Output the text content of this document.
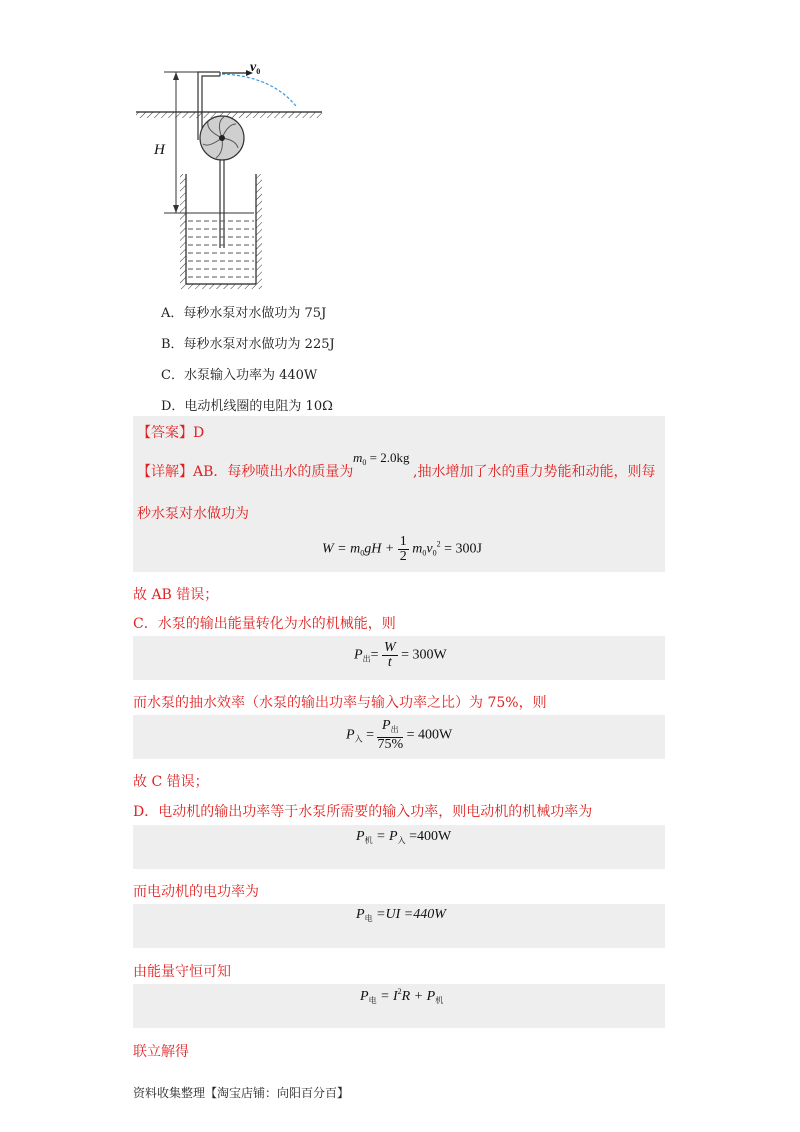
$v_0$
H
A．每秒水泵对水做功为 75J
B．每秒水泵对水做功为 225J
C．水泵输入功率为 440W
D．电动机线圈的电阻为 10Ω
【答案】D
【详解】AB．每秒喷出水的质量为
$m_0 = 2.0kg$
,抽水增加了水的重力势能和动能，则每
秒水泵对水做功为
$W = m_0gH + \frac{1}{2} m_0v_0^2 = 300J$
故 AB 错误；
C．水泵的输出能量转化为水的机械能，则
$P_出= \frac{W}{t} = 300W$
而水泵的抽水效率（水泵的输出功率与输入功率之比）为 75%，则
$P_入 = \frac{P_出}{75\%} = 400W$
故 C 错误；
D．电动机的输出功率等于水泵所需要的输入功率，则电动机的机械功率为
$P_机 = P_入 =400W$
而电动机的电功率为
$P_电 =UI =440W$
由能量守恒可知
$P_电 = I^2R + P_机$
联立解得
资料收集整理【淘宝店铺：向阳百分百】
